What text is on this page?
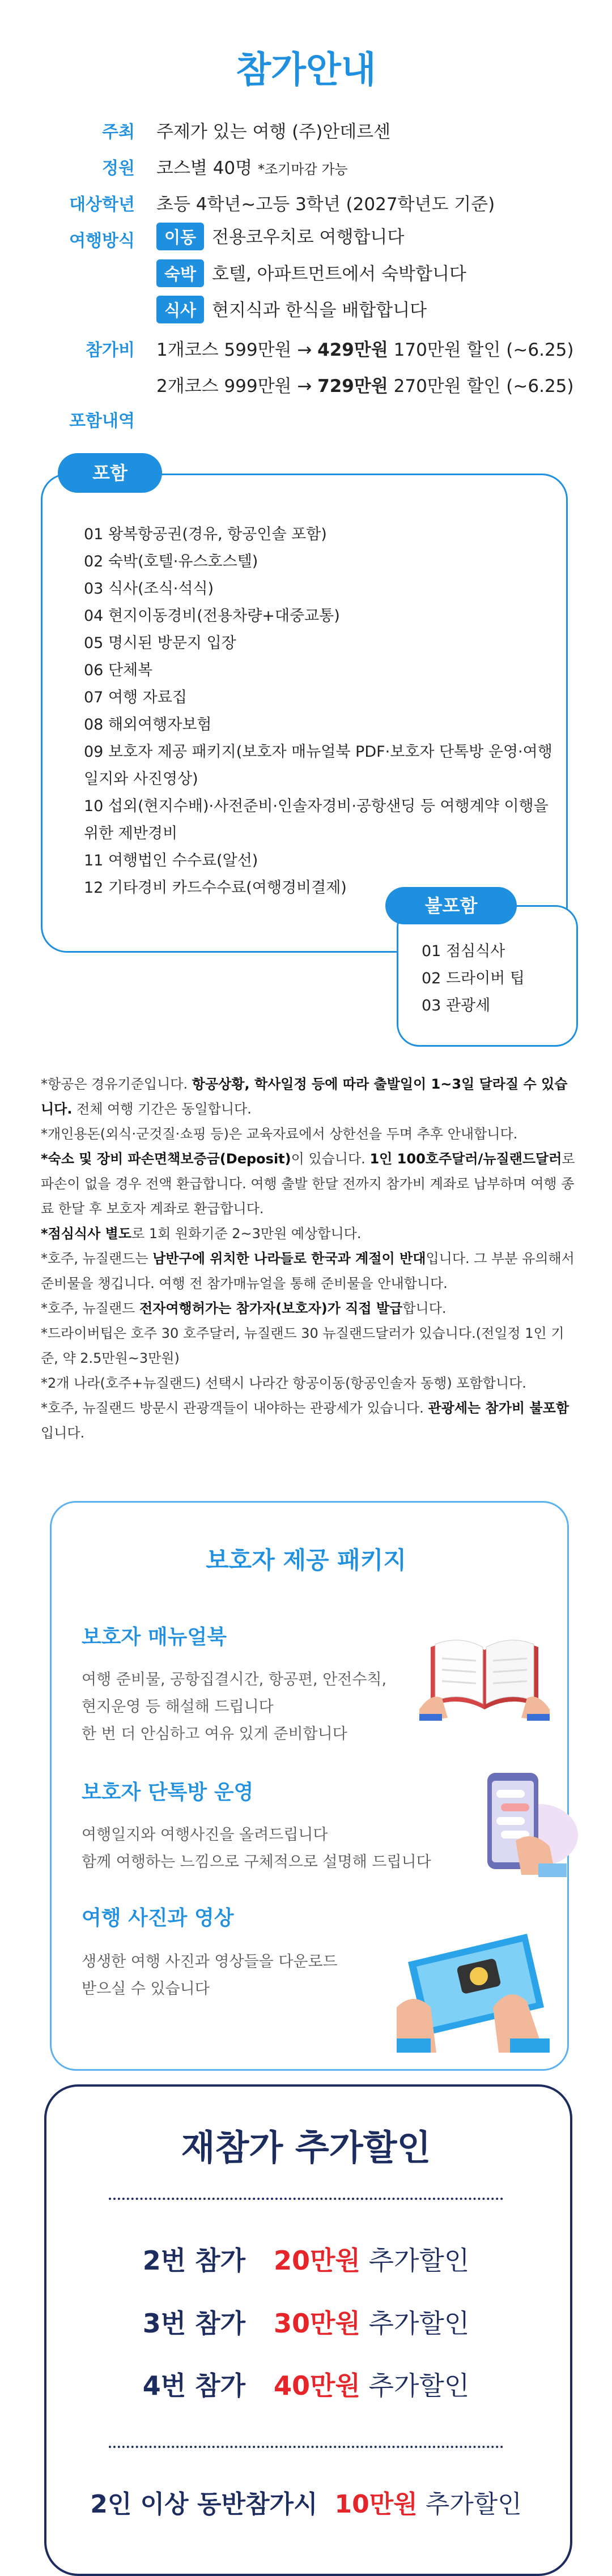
참가안내
주최 주제가 있는 여행 (주)안데르센
정원 코스별 40명 *조기마감 가능
대상학년 초등 4학년~고등 3학년 (2027학년도 기준)
여행방식	이동 전용코우치로 여행합니다
숙박 호텔, 아파트먼트에서 숙박합니다
식사 현지식과 한식을 배합합니다
참가비 1개코스 599만원 → 429만원 170만원 할인 (~6.25)
2개코스 999만원 → 729만원 270만원 할인 (~6.25)
포함내역
포함
01 왕복항공권(경유, 항공인솔 포함)
02 숙박(호텔·유스호스텔)
03 식사(조식·석식)
04 현지이동경비(전용차량+대중교통)
05 명시된 방문지 입장
06 단체복
07 여행 자료집
08 해외여행자보험
09 보호자 제공 패키지(보호자 매뉴얼북 PDF·보호자 단톡방 운영·여행
일지와 사진영상)
10 섭외(현지수배)·사전준비·인솔자경비·공항샌딩 등 여행계약 이행을
위한 제반경비
11 여행법인 수수료(알선)
12 기타경비 카드수수료(여행경비결제)
불포함
01 점심식사
02 드라이버 팁
03 관광세

*항공은 경유기준입니다. 항공상황, 학사일정 등에 따라 출발일이 1~3일 달라질 수 있습니다. 전체 여행 기간은 동일합니다.

*개인용돈(외식·군것질·쇼핑 등)은 교육자료에서 상한선을 두며 추후 안내합니다.

*숙소 및 장비 파손면책보증금(Deposit)이 있습니다. 1인 100호주달러/뉴질랜드달러로 파손이 없을 경우 전액 환급합니다. 여행 출발 한달 전까지 참가비 계좌로 납부하며 여행 종료 한달 후 보호자 계좌로 환급합니다.

*점심식사 별도로 1회 원화기준 2~3만원 예상합니다.

*호주, 뉴질랜드는 남반구에 위치한 나라들로 한국과 계절이 반대입니다. 그 부분 유의해서 준비물을 챙깁니다. 여행 전 참가매뉴얼을 통해 준비물을 안내합니다.

*호주, 뉴질랜드 전자여행허가는 참가자(보호자)가 직접 발급합니다.

*드라이버팁은 호주 30 호주달러, 뉴질랜드 30 뉴질랜드달러가 있습니다.(전일정 1인 기준, 약 2.5만원~3만원)

*2개 나라(호주+뉴질랜드) 선택시 나라간 항공이동(항공인솔자 동행) 포함합니다.

*호주, 뉴질랜드 방문시 관광객들이 내야하는 관광세가 있습니다. 관광세는 참가비 불포함입니다.

보호자 제공 패키지
보호자 매뉴얼북
여행 준비물, 공항집결시간, 항공편, 안전수칙,
현지운영 등 해설해 드립니다
한 번 더 안심하고 여유 있게 준비합니다
보호자 단톡방 운영
여행일지와 여행사진을 올려드립니다
함께 여행하는 느낌으로 구체적으로 설명해 드립니다
여행 사진과 영상
생생한 여행 사진과 영상들을 다운로드
받으실 수 있습니다
재참가 추가할인
2번 참가 20만원 추가할인
3번 참가 30만원 추가할인
4번 참가 40만원 추가할인
2인 이상 동반참가시 10만원 추가할인
